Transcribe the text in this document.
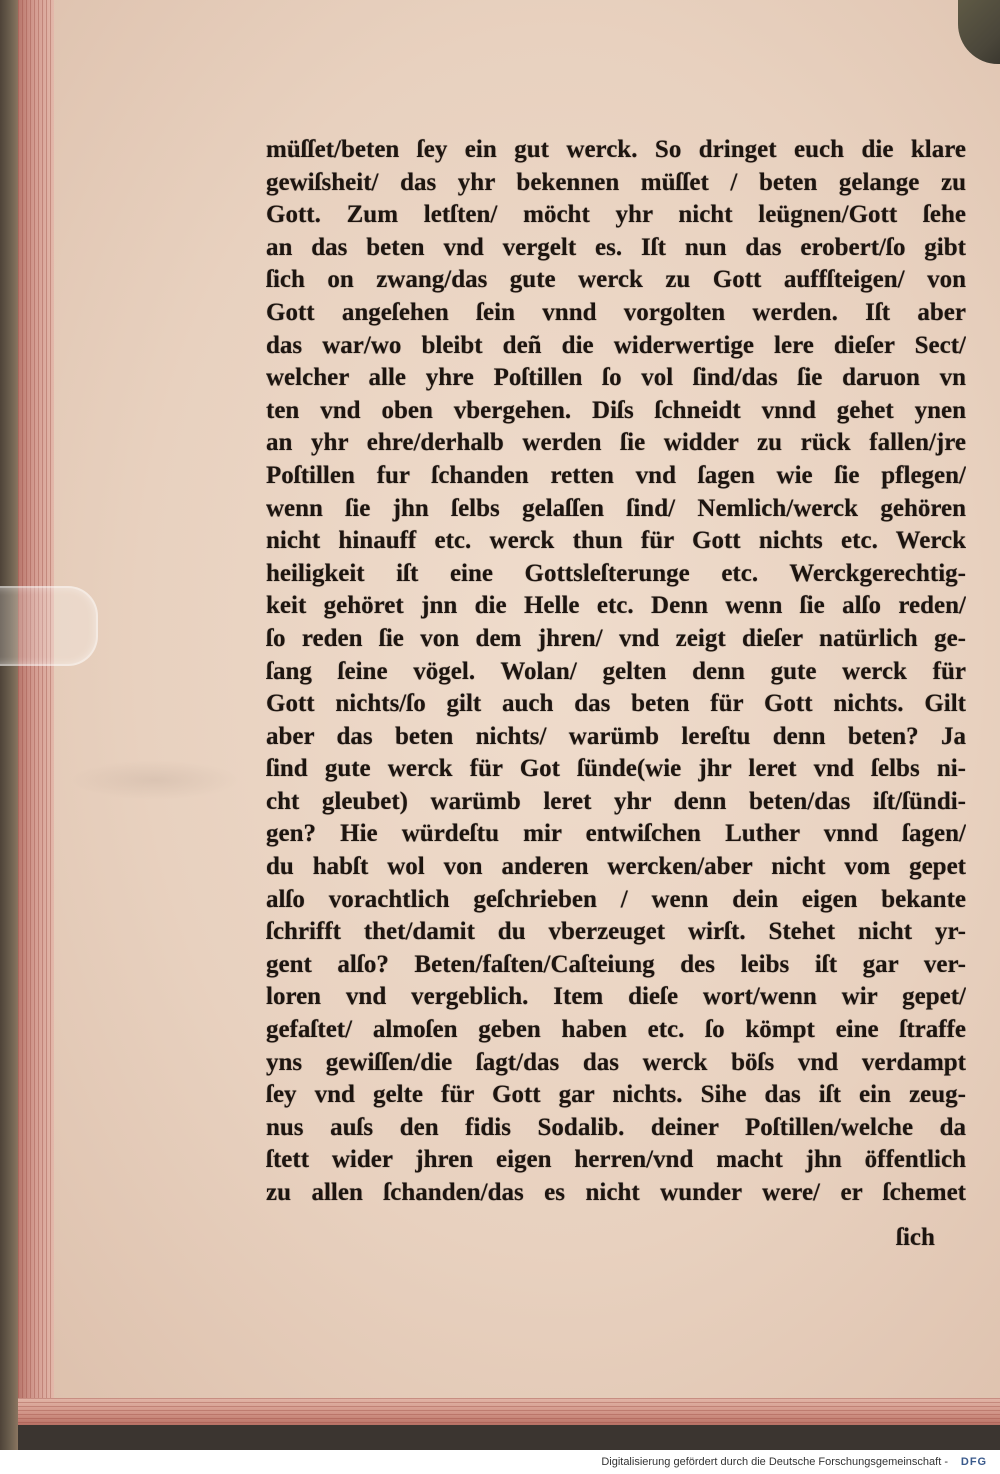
müſſet/beten ſey ein gut werck. So dringet euch die klare
gewiſsheit/ das yhr bekennen müſſet / beten gelange zu
Gott. Zum letſten/ möcht yhr nicht leügnen/Gott ſehe
an das beten vnd vergelt es. Iſt nun das erobert/ſo gibt
ſich on zwang/das gute werck zu Gott auffſteigen/ von
Gott angeſehen ſein vnnd vorgolten werden. Iſt aber
das war/wo bleibt deñ die widerwertige lere dieſer Sect/
welcher alle yhre Poſtillen ſo vol ſind/das ſie daruon vn
ten vnd oben vbergehen. Diſs ſchneidt vnnd gehet ynen
an yhr ehre/derhalb werden ſie widder zu rück fallen/jre
Poſtillen fur ſchanden retten vnd ſagen wie ſie pflegen/
wenn ſie jhn ſelbs gelaſſen ſind/ Nemlich/werck gehören
nicht hinauff etc. werck thun für Gott nichts etc. Werck
heiligkeit iſt eine Gottsleſterunge etc. Werckgerechtig-
keit gehöret jnn die Helle etc. Denn wenn ſie alſo reden/
ſo reden ſie von dem jhren/ vnd zeigt dieſer natürlich ge-
ſang ſeine vögel. Wolan/ gelten denn gute werck für
Gott nichts/ſo gilt auch das beten für Gott nichts. Gilt
aber das beten nichts/ warümb lereſtu denn beten? Ja
ſind gute werck für Got ſünde(wie jhr leret vnd ſelbs ni-
cht gleubet) warümb leret yhr denn beten/das iſt/ſündi-
gen? Hie würdeſtu mir entwiſchen Luther vnnd ſagen/
du habſt wol von anderen wercken/aber nicht vom gepet
alſo vorachtlich geſchrieben / wenn dein eigen bekante
ſchrifft thet/damit du vberzeuget wirſt. Stehet nicht yr-
gent alſo? Beten/faſten/Caſteiung des leibs iſt gar ver-
loren vnd vergeblich. Item dieſe wort/wenn wir gepet/
gefaſtet/ almoſen geben haben etc. ſo kömpt eine ſtraffe
yns gewiſſen/die ſagt/das das werck böſs vnd verdampt
ſey vnd gelte für Gott gar nichts. Sihe das iſt ein zeug-
nus auſs den fidis Sodalib. deiner Poſtillen/welche da
ſtett wider jhren eigen herren/vnd macht jhn öffentlich
zu allen ſchanden/das es nicht wunder were/ er ſchemet
ſich
Digitalisierung gefördert durch die Deutsche Forschungsgemeinschaft -	DFG
